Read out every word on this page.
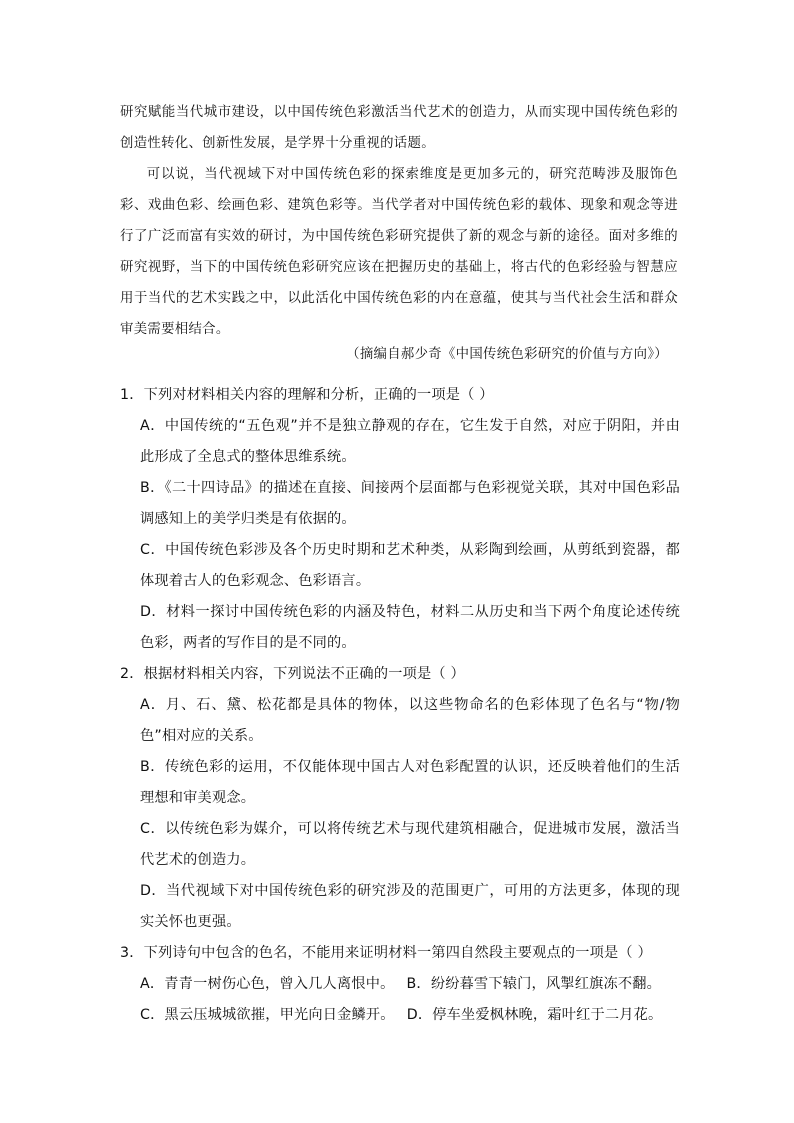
研究赋能当代城市建设，以中国传统色彩激活当代艺术的创造力，从而实现中国传统色彩的创造性转化、创新性发展，是学界十分重视的话题。
可以说，当代视域下对中国传统色彩的探索维度是更加多元的，研究范畴涉及服饰色彩、戏曲色彩、绘画色彩、建筑色彩等。当代学者对中国传统色彩的载体、现象和观念等进行了广泛而富有实效的研讨，为中国传统色彩研究提供了新的观念与新的途径。面对多维的研究视野，当下的中国传统色彩研究应该在把握历史的基础上，将古代的色彩经验与智慧应用于当代的艺术实践之中，以此活化中国传统色彩的内在意蕴，使其与当代社会生活和群众审美需要相结合。
（摘编自郝少奇《中国传统色彩研究的价值与方向》）
1．下列对材料相关内容的理解和分析，正确的一项是（ ）
A．中国传统的“五色观”并不是独立静观的存在，它生发于自然，对应于阴阳，并由此形成了全息式的整体思维系统。
B．《二十四诗品》的描述在直接、间接两个层面都与色彩视觉关联，其对中国色彩品调感知上的美学归类是有依据的。
C．中国传统色彩涉及各个历史时期和艺术种类，从彩陶到绘画，从剪纸到瓷器，都体现着古人的色彩观念、色彩语言。
D．材料一探讨中国传统色彩的内涵及特色，材料二从历史和当下两个角度论述传统色彩，两者的写作目的是不同的。
2．根据材料相关内容，下列说法不正确的一项是（ ）
A．月、石、黛、松花都是具体的物体，以这些物命名的色彩体现了色名与“物/物色”相对应的关系。
B．传统色彩的运用，不仅能体现中国古人对色彩配置的认识，还反映着他们的生活理想和审美观念。
C．以传统色彩为媒介，可以将传统艺术与现代建筑相融合，促进城市发展，激活当代艺术的创造力。
D．当代视域下对中国传统色彩的研究涉及的范围更广，可用的方法更多，体现的现实关怀也更强。
3．下列诗句中包含的色名，不能用来证明材料一第四自然段主要观点的一项是（ ）
A．青青一树伤心色，曾入几人离恨中。 B．纷纷暮雪下辕门，风掣红旗冻不翻。
C．黑云压城城欲摧，甲光向日金鳞开。 D．停车坐爱枫林晚，霜叶红于二月花。
